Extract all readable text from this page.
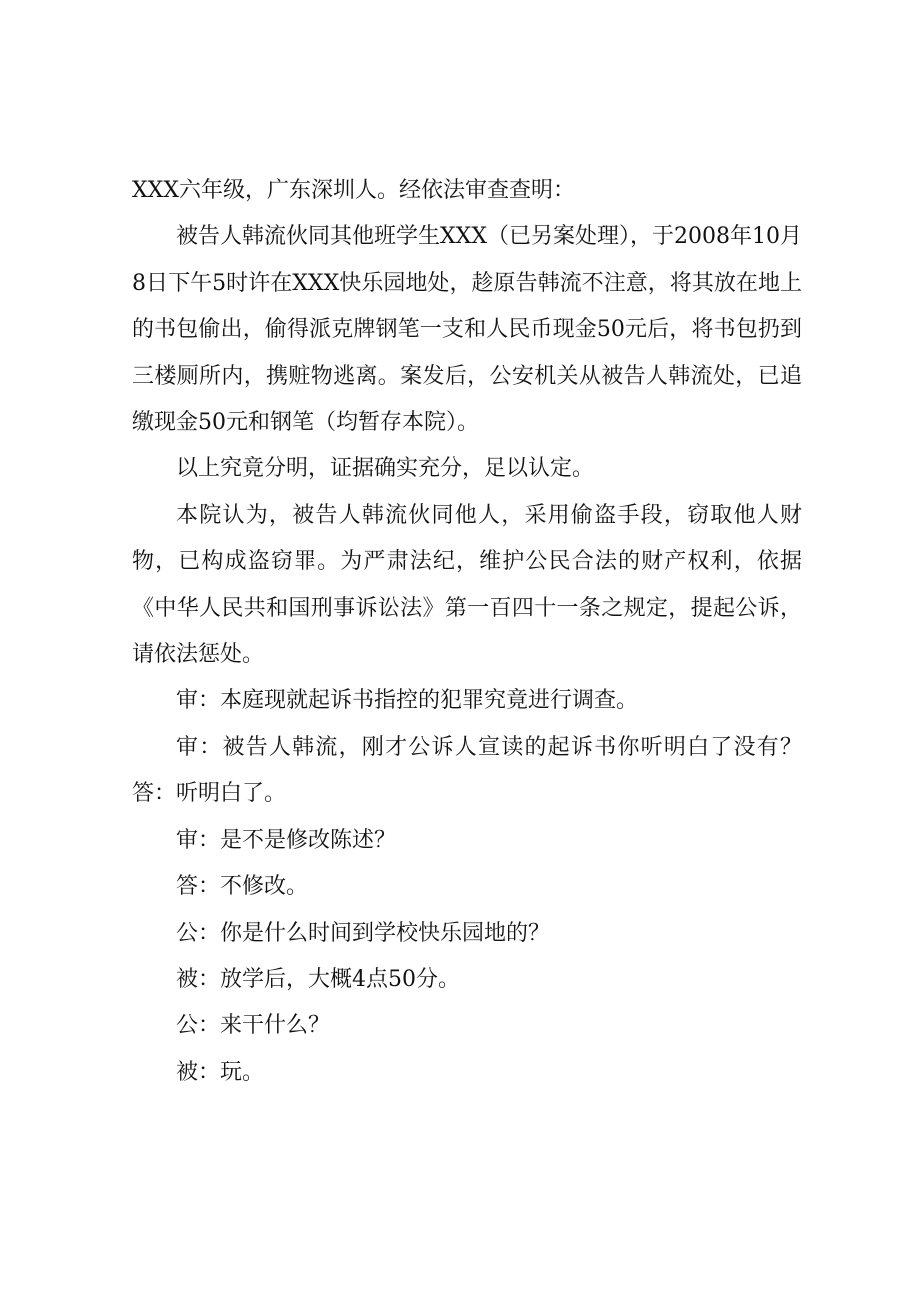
XXX六年级，广东深圳人。经依法审查查明：

被告人韩流伙同其他班学生XXX（已另案处理），于2008年10月8日下午5时许在XXX快乐园地处，趁原告韩流不注意，将其放在地上的书包偷出，偷得派克牌钢笔一支和人民币现金50元后，将书包扔到三楼厕所内，携赃物逃离。案发后，公安机关从被告人韩流处，已追缴现金50元和钢笔（均暂存本院）。

以上究竟分明，证据确实充分，足以认定。

本院认为，被告人韩流伙同他人，采用偷盗手段，窃取他人财物，已构成盗窃罪。为严肃法纪，维护公民合法的财产权利，依据《中华人民共和国刑事诉讼法》第一百四十一条之规定，提起公诉，请依法惩处。

审：本庭现就起诉书指控的犯罪究竟进行调查。

审：被告人韩流，刚才公诉人宣读的起诉书你听明白了没有？答：听明白了。

审：是不是修改陈述？

答：不修改。

公：你是什么时间到学校快乐园地的？

被：放学后，大概4点50分。

公：来干什么？

被：玩。
